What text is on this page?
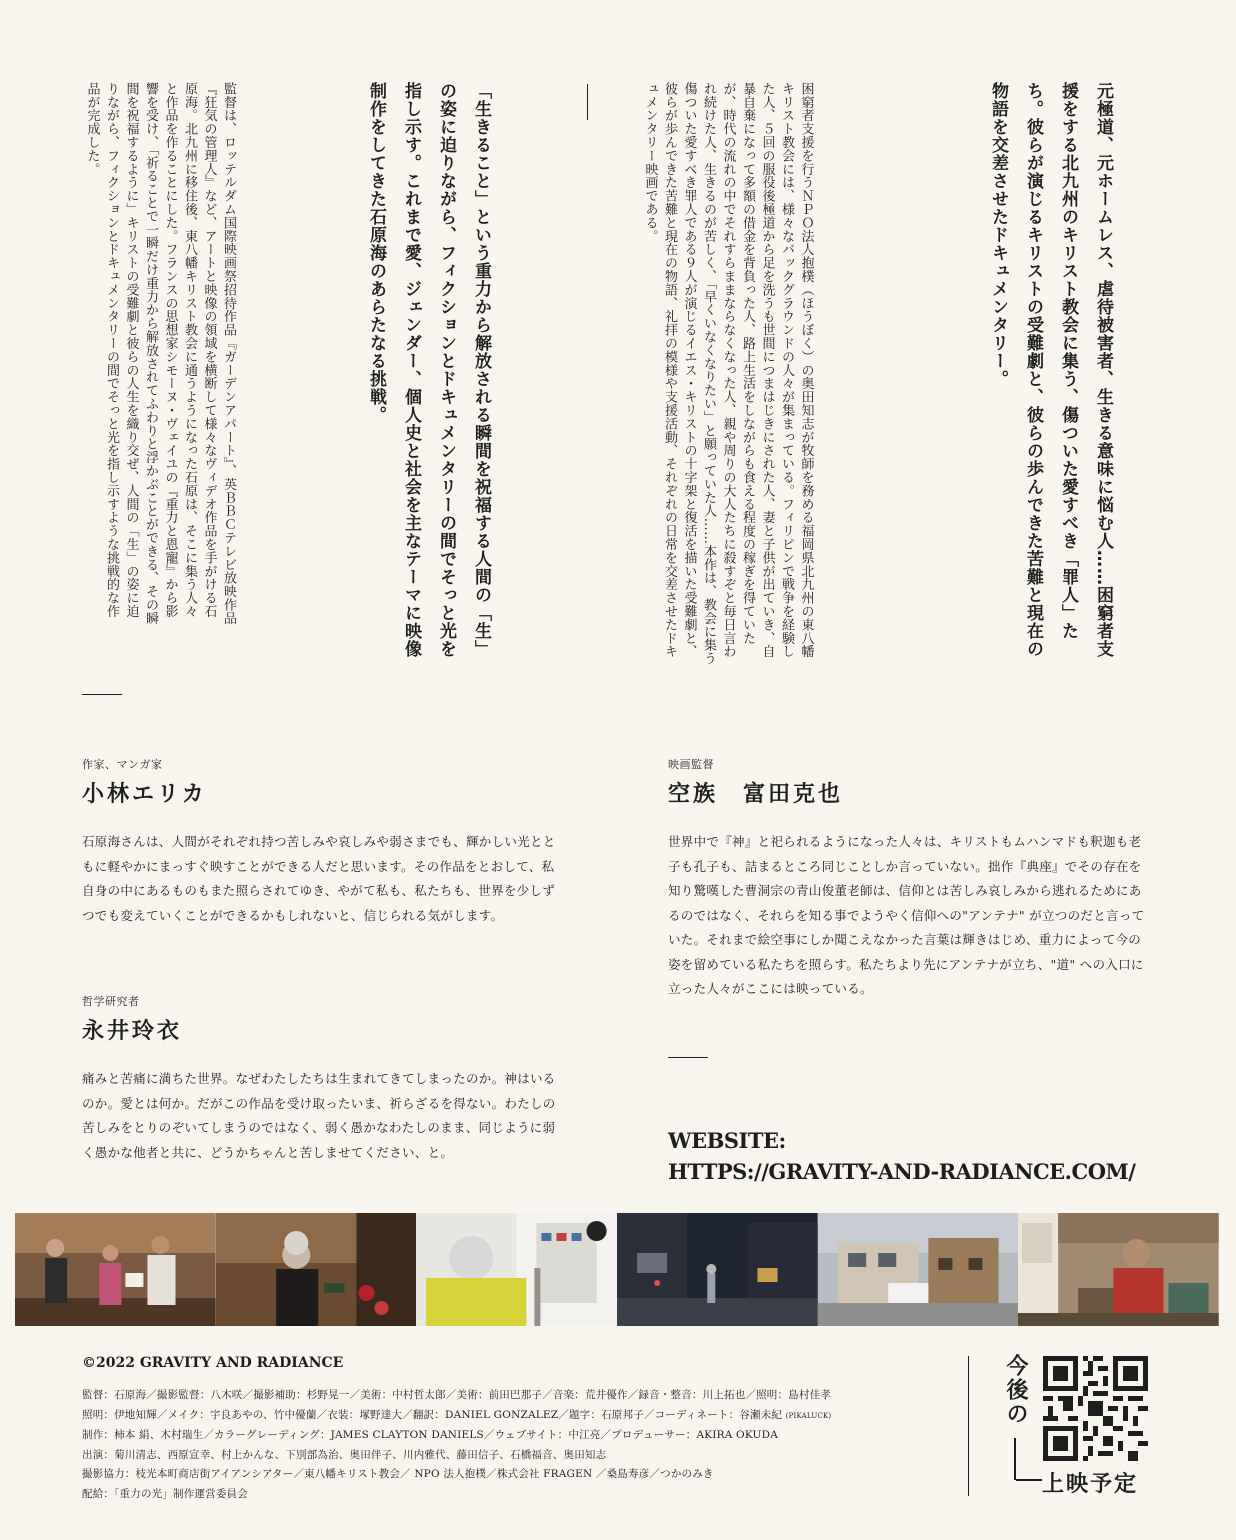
元極道、元ホームレス、虐待被害者、生きる意味に悩む人……困窮者支援をする北九州のキリスト教会に集う、傷ついた愛すべき「罪人」たち。彼らが演じるキリストの受難劇と、彼らの歩んできた苦難と現在の物語を交差させたドキュメンタリー。
困窮者支援を行うＮＰＯ法人抱樸（ほうぼく）の奥田知志が牧師を務める福岡県北九州の東八幡キリスト教会には、様々なバックグラウンドの人々が集まっている。フィリピンで戦争を経験した人、５回の服役後極道から足を洗うも世間につまはじきにされた人、妻と子供が出ていき、自暴自棄になって多額の借金を背負った人、路上生活をしながらも食える程度の稼ぎを得ていたが、時代の流れの中でそれすらままならなくなった人、親や周りの大人たちに殺すぞと毎日言われ続けた人、生きるのが苦しく、「早くいなくなりたい」と願っていた人……本作は、教会に集う傷ついた愛すべき罪人である９人が演じるイエス・キリストの十字架と復活を描いた受難劇と、彼らが歩んできた苦難と現在の物語、礼拝の模様や支援活動、それぞれの日常を交差させたドキュメンタリー映画である。
「生きること」という重力から解放される瞬間を祝福する人間の「生」の姿に迫りながら、フィクションとドキュメンタリーの間でそっと光を指し示す。これまで愛、ジェンダー、個人史と社会を主なテーマに映像制作をしてきた石原海のあらたなる挑戦。
監督は、ロッテルダム国際映画祭招待作品『ガーデンアパート』、英ＢＢＣテレビ放映作品『狂気の管理人』など、アートと映像の領域を横断して様々なヴィデオ作品を手がける石原海。北九州に移住後、東八幡キリスト教会に通うようになった石原は、そこに集う人々と作品を作ることにした。フランスの思想家シモーヌ・ヴェイユの『重力と恩寵』から影響を受け、「祈ることで一瞬だけ重力から解放されてふわりと浮かぶことができる、その瞬間を祝福するように」キリストの受難劇と彼らの人生を織り交ぜ、人間の「生」の姿に迫りながら、フィクションとドキュメンタリーの間でそっと光を指し示すような挑戦的な作品が完成した。
作家、マンガ家
小林エリカ

石原海さんは、人間がそれぞれ持つ苦しみや哀しみや弱さまでも、輝かしい光とともに軽やかにまっすぐ映すことができる人だと思います。その作品をとおして、私自身の中にあるものもまた照らされてゆき、やがて私も、私たちも、世界を少しずつでも変えていくことができるかもしれないと、信じられる気がします。

哲学研究者
永井玲衣

痛みと苦痛に満ちた世界。なぜわたしたちは生まれてきてしまったのか。神はいるのか。愛とは何か。だがこの作品を受け取ったいま、祈らざるを得ない。わたしの苦しみをとりのぞいてしまうのではなく、弱く愚かなわたしのまま、同じように弱く愚かな他者と共に、どうかちゃんと苦しませてください、と。

映画監督
空族　富田克也

世界中で『神』と祀られるようになった人々は、キリストもムハンマドも釈迦も老子も孔子も、詰まるところ同じことしか言っていない。拙作『典座』でその存在を知り驚嘆した曹洞宗の青山俊董老師は、信仰とは苦しみ哀しみから逃れるためにあるのではなく、それらを知る事でようやく信仰への"アンテナ" が立つのだと言っていた。それまで絵空事にしか聞こえなかった言葉は輝きはじめ、重力によって今の姿を留めている私たちを照らす。私たちより先にアンテナが立ち、"道" への入口に立った人々がここには映っている。

WEBSITE:
HTTPS://GRAVITY-AND-RADIANCE.COM/
©2022 GRAVITY AND RADIANCE
監督：石原海／撮影監督：八木咲／撮影補助：杉野晃一／美術：中村哲太郎／美術：前田巴那子／音楽：荒井優作／録音・整音：川上拓也／照明：島村佳孝
照明：伊地知輝／メイク：宇良あやの、竹中優蘭／衣装：塚野達大／翻訳：DANIEL GONZALEZ／題字：石原邦子／コーディネート：谷瀬未紀 (PIKALUCK)
制作：柿本 絹、木村瑞生／カラーグレーディング：JAMES CLAYTON DANIELS／ウェブサイト：中江亮／プロデューサー：AKIRA OKUDA
出演：菊川清志、西原宣幸、村上かんな、下別部為治、奥田伴子、川内雅代、藤田信子、石橋福音、奥田知志
撮影協力：枝光本町商店街アイアンシアター／東八幡キリスト教会／ NPO 法人抱樸／株式会社 FRAGEN ／桑島寿彦／つかのみき
配給：「重力の光」制作運営委員会
今後の
上映予定
